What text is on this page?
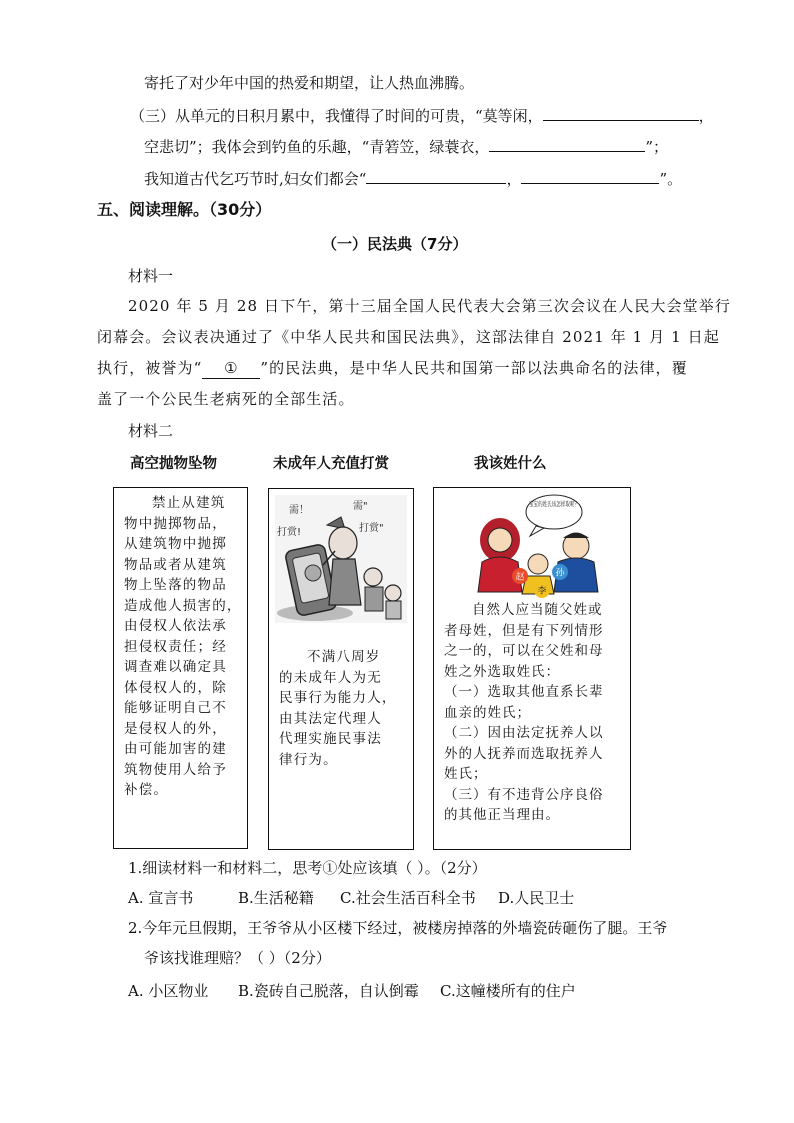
寄托了对少年中国的热爱和期望，让人热血沸腾。
（三）从单元的日积月累中，我懂得了时间的可贵，“莫等闲，	，
空悲切”；我体会到钓鱼的乐趣，“青箬笠，绿蓑衣，	”；
我知道古代乞巧节时,妇女们都会“	，	”。
五、阅读理解。（30分）
（一）民法典（7分）
材料一
2020 年 5 月 28 日下午，第十三届全国人民代表大会第三次会议在人民大会堂举行
闭幕会。会议表决通过了《中华人民共和国民法典》，这部法律自 2021 年 1 月 1 日起
执行，被誉为“ ① ”的民法典，是中华人民共和国第一部以法典命名的法律，覆
盖了一个公民生老病死的全部生活。
材料二
高空抛物坠物	未成年人充值打赏	我该姓什么

禁止从建筑

物中抛掷物品，

从建筑物中抛掷

物品或者从建筑

物上坠落的物品

造成他人损害的，

由侵权人依法承

担侵权责任；经

调查难以确定具

体侵权人的，除

能够证明自己不

是侵权人的外，

由可能加害的建

筑物使用人给予

补偿。

需！
打赏!
需"
打赏"

不满八周岁

的未成年人为无

民事行为能力人，

由其法定代理人

代理实施民事法

律行为。

宝宝的姓氏该怎样取呢？
赵	孙
李

自然人应当随父姓或

者母姓，但是有下列情形

之一的，可以在父姓和母

姓之外选取姓氏：

（一）选取其他直系长辈

血亲的姓氏；

（二）因由法定抚养人以

外的人抚养而选取抚养人

姓氏；

（三）有不违背公序良俗

的其他正当理由。

1.细读材料一和材料二，思考①处应该填（ ）。（2分）
A. 宣言书	B.生活秘籍 C.社会生活百科全书 D.人民卫士
2.今年元旦假期，王爷爷从小区楼下经过，被楼房掉落的外墙瓷砖砸伤了腿。王爷
爷该找谁理赔？（ ）（2分）
A. 小区物业 B.瓷砖自己脱落，自认倒霉 C.这幢楼所有的住户
